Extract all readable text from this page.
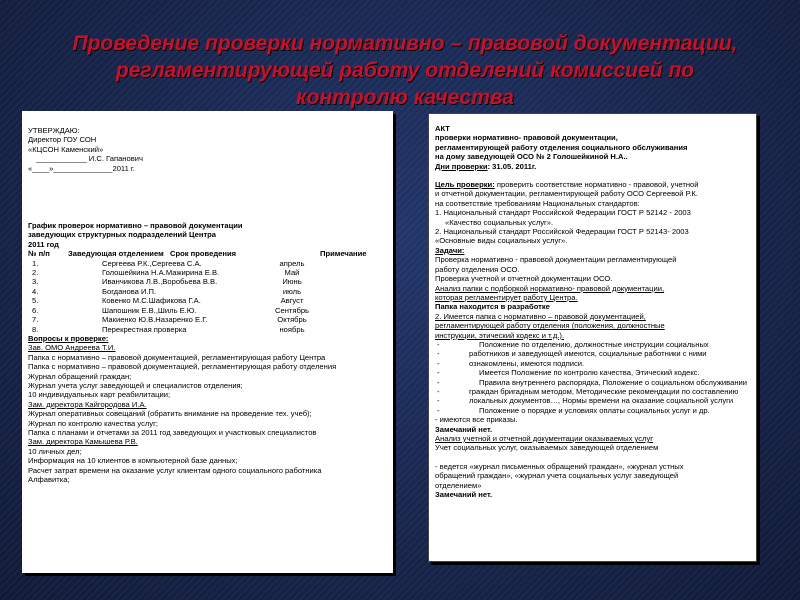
Проведение проверки нормативно – правовой документации, регламентирующей работу отделений комиссией по контролю качества
УТВЕРЖДАЮ:
Директор ГОУ СОН
«КЦСОН Каменский»
____________ И.С. Гапанович
«____»______________2011 г.
График проверок нормативно – правовой документации
заведующих структурных подразделений Центра
2011 год
№ п/п	Заведующая отделением Срок проведения	Примечание
1.	Сергеева Р.К.,Сергеева С.А.	апрель
2.	Голошейкина Н.А.Мажирина Е.В.	Май
3.	Иванчикова Л.В.,Воробьева В.В.	Июнь
4.	Богданова И.П.	июль
5.	Ковенко М.С.Шафикова Г.А.	Август
6.	Шапошник Е.В.,Шиль Е.Ю.	Сентябрь
7.	Макиенко Ю.В.Назаренко Е.Г.	Октябрь
8.	Перекрестная проверка	ноябрь
Вопросы к проверке:
Зав. ОМО Андреева Т.И.
Папка с нормативно – правовой документацией, регламентирующая работу Центра
Папка с нормативно – правовой документацией, регламентирующая работу отделения
Журнал обращений граждан;
Журнал учета услуг заведующей и специалистов отделения;
10 индивидуальных карт реабилитации;
Зам. директора Кайгородова И.А.
Журнал оперативных совещаний (обратить внимание на проведение тех. учеб);
Журнал по контролю качества услуг;
Папка с планами и отчетами за 2011 год заведующих и участковых специалистов
Зам. директора Камышева Р.В.
10 личных дел;
Информация на 10 клиентов в компьютерной базе данных;
Расчет затрат времени на оказание услуг клиентам одного социального работника
Алфавитка;
АКТ
проверки нормативно- правовой документации,
регламентирующей работу отделения социального обслуживания
на дому заведующей ОСО № 2 Голошейкиной Н.А..
Дни проверки: 31.05. 2011г.
Цель проверки: проверить соответствие нормативно - правовой, учетной
и отчетной документации, регламентирующей работу ОСО Сергеевой Р.К.
на соответствие требованиям Национальных стандартов:
1. Национальный стандарт Российской Федерации ГОСТ Р 52142 - 2003
«Качество социальных услуг».
2. Национальный стандарт Российской Федерации ГОСТ Р 52143- 2003
«Основные виды социальных услуг».
Задачи:
Проверка нормативно - правовой документации регламентирующей
работу отделения ОСО.
Проверка учетной и отчетной документации ОСО.
Анализ папки с подборкой нормативно- правовой документации,
которая регламентирует работу Центра.
Папка находится в разработке
2. Имеется папка с нормативно – правовой документацией,
регламентирующей работу отделения (положения, должностные
инструкции, этический кодекс и т.д.).
-	Положение по отделению, должностные инструкции социальных
-	работников и заведующей имеются, социальные работники с ними
-	ознакомлены, имеются подписи.
-	Имеется Положение по контролю качества, Этический кодекс.
-	Правила внутреннего распорядка, Положение о социальном обслуживании
-	граждан бригадным методом, Методические рекомендации по составлению
-	локальных документов…, Нормы времени на оказание социальной услуги
-	Положение о порядке и условиях оплаты социальных услуг и др.
- имеются все приказы.
Замечаний нет.
Анализ учетной и отчетной документации оказываемых услуг
Учет социальных услуг, оказываемых заведующей отделением
- ведется «журнал письменных обращений граждан», «журнал устных
обращений граждан», «журнал учета социальных услуг заведующей
отделением»
Замечаний нет.
